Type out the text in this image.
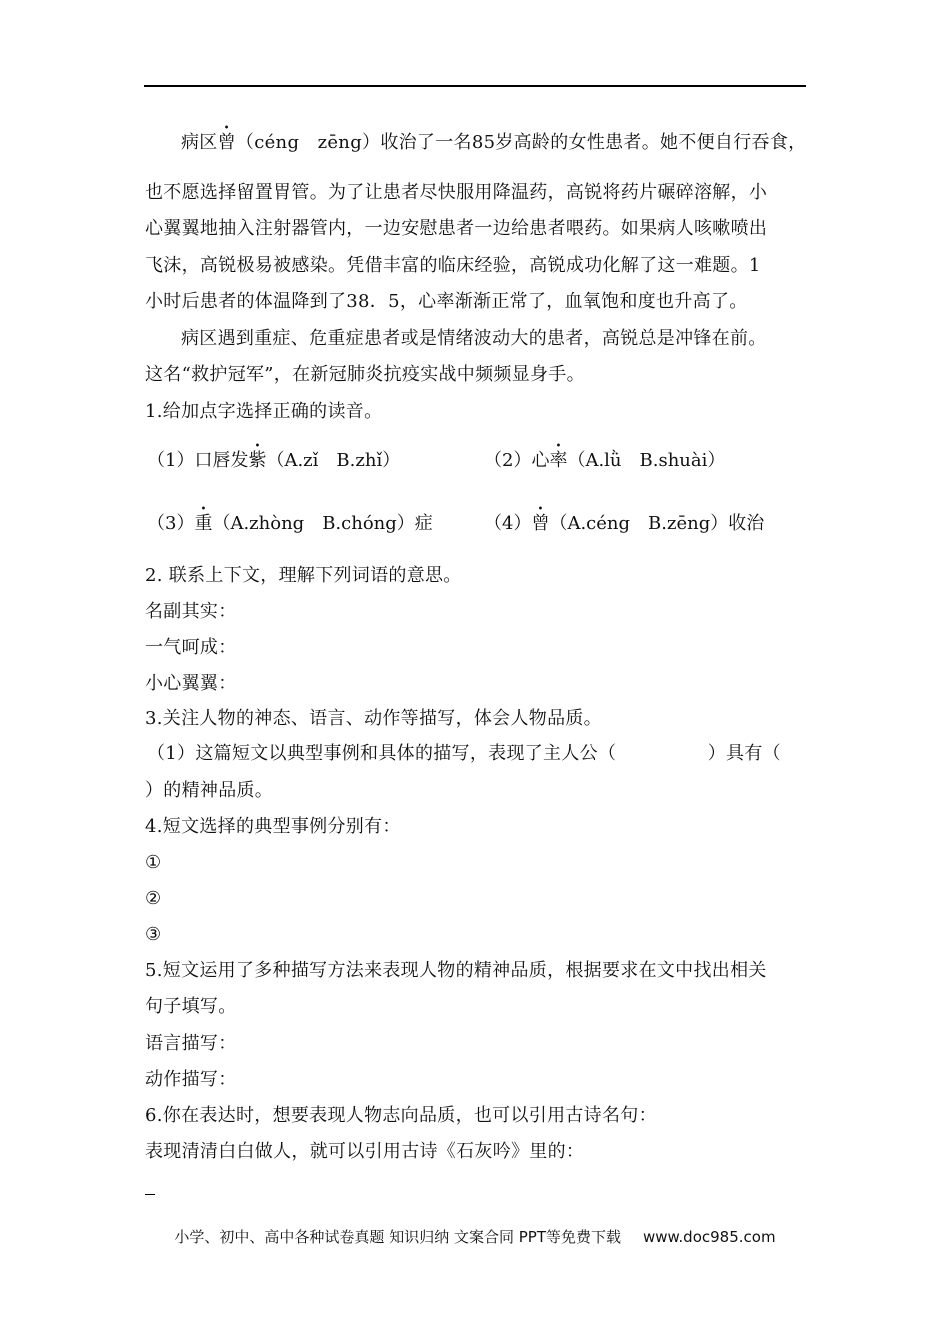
病区曾（céng　zēng）收治了一名85岁高龄的女性患者。她不便自行吞食，
也不愿选择留置胃管。为了让患者尽快服用降温药，高锐将药片碾碎溶解，小
心翼翼地抽入注射器管内，一边安慰患者一边给患者喂药。如果病人咳嗽喷出
飞沫，高锐极易被感染。凭借丰富的临床经验，高锐成功化解了这一难题。1
小时后患者的体温降到了38．5，心率渐渐正常了，血氧饱和度也升高了。
病区遇到重症、危重症患者或是情绪波动大的患者，高锐总是冲锋在前。
这名“救护冠军”，在新冠肺炎抗疫实战中频频显身手。
1.给加点字选择正确的读音。
（1）口唇发紫（A.zǐ　B.zhǐ）	（2）心率（A.lǜ　B.shuài）
（3）重（A.zhòng　B.chóng）症	（4）曾（A.céng　B.zēng）收治
2. 联系上下文，理解下列词语的意思。
名副其实：
一气呵成：
小心翼翼：
3.关注人物的神态、语言、动作等描写，体会人物品质。
（1）这篇短文以典型事例和具体的描写，表现了主人公（　　　　　）具有（
）的精神品质。
4.短文选择的典型事例分别有：
①
②
③
5.短文运用了多种描写方法来表现人物的精神品质，根据要求在文中找出相关
句子填写。
语言描写：
动作描写：
6.你在表达时，想要表现人物志向品质，也可以引用古诗名句：
表现清清白白做人，就可以引用古诗《石灰吟》里的：
小学、初中、高中各种试卷真题 知识归纳 文案合同 PPT等免费下载 www.doc985.com
